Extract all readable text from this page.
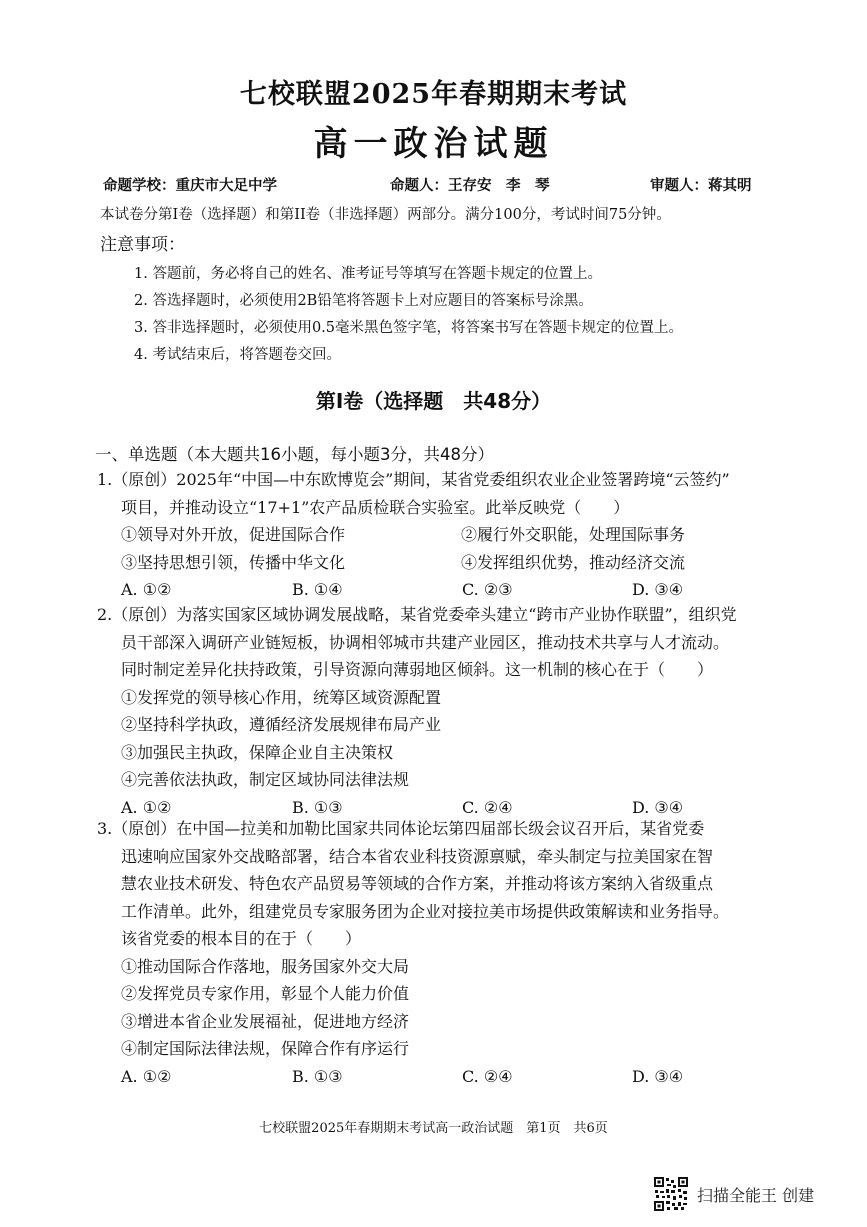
七校联盟2025年春期期末考试
高一政治试题
命题学校：重庆市大足中学	命题人：王存安　李　琴	审题人：蒋其明
本试卷分第I卷（选择题）和第II卷（非选择题）两部分。满分100分，考试时间75分钟。
注意事项：
1. 答题前，务必将自己的姓名、准考证号等填写在答题卡规定的位置上。
2. 答选择题时，必须使用2B铅笔将答题卡上对应题目的答案标号涂黑。
3. 答非选择题时，必须使用0.5毫米黑色签字笔，将答案书写在答题卡规定的位置上。
4. 考试结束后，将答题卷交回。
第I卷（选择题　共48分）
一、单选题（本大题共16小题，每小题3分，共48分）
1.（原创）2025年“中国—中东欧博览会”期间，某省党委组织农业企业签署跨境“云签约”
项目，并推动设立“17+1”农产品质检联合实验室。此举反映党（　　）
①领导对外开放，促进国际合作	②履行外交职能，处理国际事务
③坚持思想引领，传播中华文化	④发挥组织优势，推动经济交流
A. ①②	B. ①④	C. ②③	D. ③④
2.（原创）为落实国家区域协调发展战略，某省党委牵头建立“跨市产业协作联盟”，组织党
员干部深入调研产业链短板，协调相邻城市共建产业园区，推动技术共享与人才流动。
同时制定差异化扶持政策，引导资源向薄弱地区倾斜。这一机制的核心在于（　　）
①发挥党的领导核心作用，统筹区域资源配置
②坚持科学执政，遵循经济发展规律布局产业
③加强民主执政，保障企业自主决策权
④完善依法执政，制定区域协同法律法规
A. ①②	B. ①③	C. ②④	D. ③④
3.（原创）在中国—拉美和加勒比国家共同体论坛第四届部长级会议召开后，某省党委
迅速响应国家外交战略部署，结合本省农业科技资源禀赋，牵头制定与拉美国家在智
慧农业技术研发、特色农产品贸易等领域的合作方案，并推动将该方案纳入省级重点
工作清单。此外，组建党员专家服务团为企业对接拉美市场提供政策解读和业务指导。
该省党委的根本目的在于（　　）
①推动国际合作落地，服务国家外交大局
②发挥党员专家作用，彰显个人能力价值
③增进本省企业发展福祉，促进地方经济
④制定国际法律法规，保障合作有序运行
A. ①②	B. ①③	C. ②④	D. ③④
七校联盟2025年春期期末考试高一政治试题　第1页　共6页
扫描全能王 创建
